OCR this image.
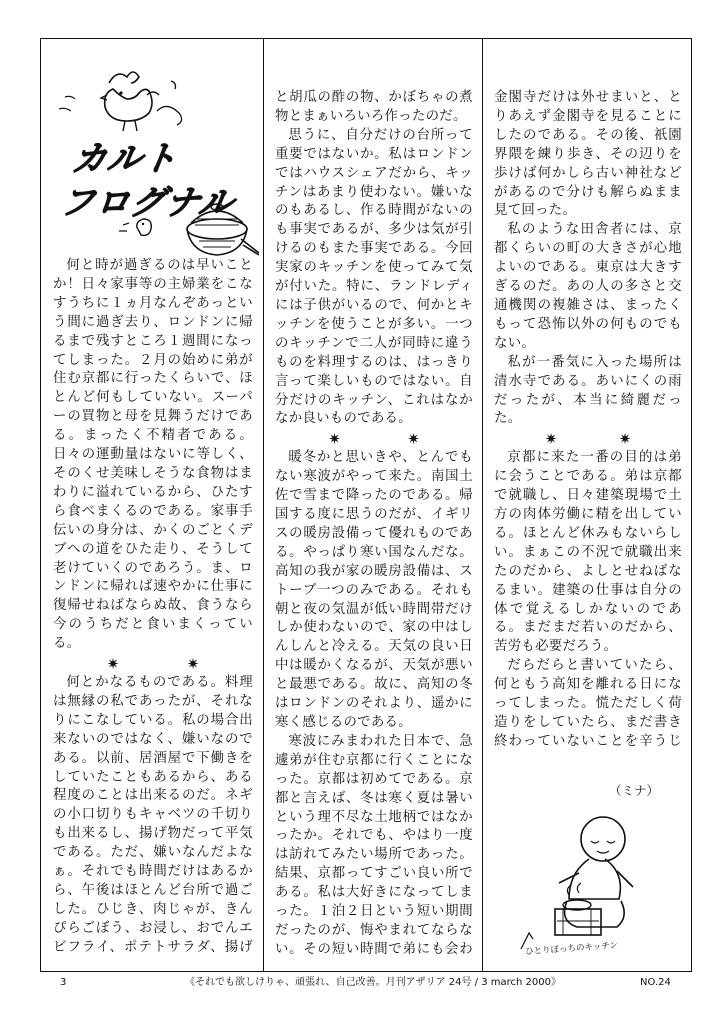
カルト
フログナル

何と時が過ぎるのは早いことか！日々家事等の主婦業をこなすうちに１ヵ月なんぞあっという間に過ぎ去り、ロンドンに帰るまで残すところ１週間になってしまった。２月の始めに弟が住む京都に行ったくらいで、ほとんど何もしていない。スーパーの買物と母を見舞うだけである。まったく不精者である。日々の運動量はないに等しく、そのくせ美味しそうな食物はまわりに溢れているから、ひたすら食べまくるのである。家事手伝いの身分は、かくのごとくデブへの道をひた走り、そうして老けていくのであろう。ま、ロンドンに帰れば速やかに仕事に復帰せねばならぬ故、食うなら今のうちだと食いまくっている。

✷	✷

何とかなるものである。料理は無縁の私であったが、それなりにこなしている。私の場合出来ないのではなく、嫌いなのである。以前、居酒屋で下働きをしていたこともあるから、ある程度のことは出来るのだ。ネギの小口切りもキャベツの千切りも出来るし、揚げ物だって平気である。ただ、嫌いなんだよなぁ。それでも時間だけはあるから、午後はほとんど台所で過ごした。ひじき、肉じゃが、きんぴらごぼう、お浸し、おでんエビフライ、ポテトサラダ、揚げ

と胡瓜の酢の物、かぼちゃの煮物とまぁいろいろ作ったのだ。

思うに、自分だけの台所って重要ではないか。私はロンドンではハウスシェアだから、キッチンはあまり使わない。嫌いなのもあるし、作る時間がないのも事実であるが、多少は気が引けるのもまた事実である。今回実家のキッチンを使ってみて気が付いた。特に、ランドレディには子供がいるので、何かとキッチンを使うことが多い。一つのキッチンで二人が同時に違うものを料理するのは、はっきり言って楽しいものではない。自分だけのキッチン、これはなかなか良いものである。

✷	✷

暖冬かと思いきや、とんでもない寒波がやって来た。南国土佐で雪まで降ったのである。帰国する度に思うのだが、イギリスの暖房設備って優れものである。やっぱり寒い国なんだな。高知の我が家の暖房設備は、ストーブ一つのみである。それも朝と夜の気温が低い時間帯だけしか使わないので、家の中はしんしんと冷える。天気の良い日中は暖かくなるが、天気が悪いと最悪である。故に、高知の冬はロンドンのそれより、遥かに寒く感じるのである。

寒波にみまわれた日本で、急遽弟が住む京都に行くことになった。京都は初めてである。京都と言えば、冬は寒く夏は暑いという理不尽な土地柄ではなかったか。それでも、やはり一度は訪れてみたい場所であった。結果、京都ってすごい良い所である。私は大好きになってしまった。１泊２日という短い期間だったのが、悔やまれてならない。その短い時間で弟にも会わ

金閣寺だけは外せまいと、とりあえず金閣寺を見ることにしたのである。その後、祇園界隈を練り歩き、その辺りを歩けば何かしら古い神社などがあるので分けも解らぬまま見て回った。

私のような田舎者には、京都くらいの町の大きさが心地よいのである。東京は大きすぎるのだ。あの人の多さと交通機関の複雑さは、まったくもって恐怖以外の何ものでもない。

私が一番気に入った場所は清水寺である。あいにくの雨だったが、本当に綺麗だった。

✷	✷

京都に来た一番の目的は弟に会うことである。弟は京都で就職し、日々建築現場で土方の肉体労働に精を出している。ほとんど休みもないらしい。まぁこの不況で就職出来たのだから、よしとせねばなるまい。建築の仕事は自分の体で覚えるしかないのである。まだまだ若いのだから、苦労も必要だろう。

だらだらと書いていたら、何ともう高知を離れる日になってしまった。慌ただしく荷造りをしていたら、まだ書き終わっていないことを辛うじ

（ミナ）
ひとりぼっちのキッチン
3	《それでも欲しけりゃ、頑張れ、自己改善。月刊アザリア 24号 / 3 march 2000》	NO.24
